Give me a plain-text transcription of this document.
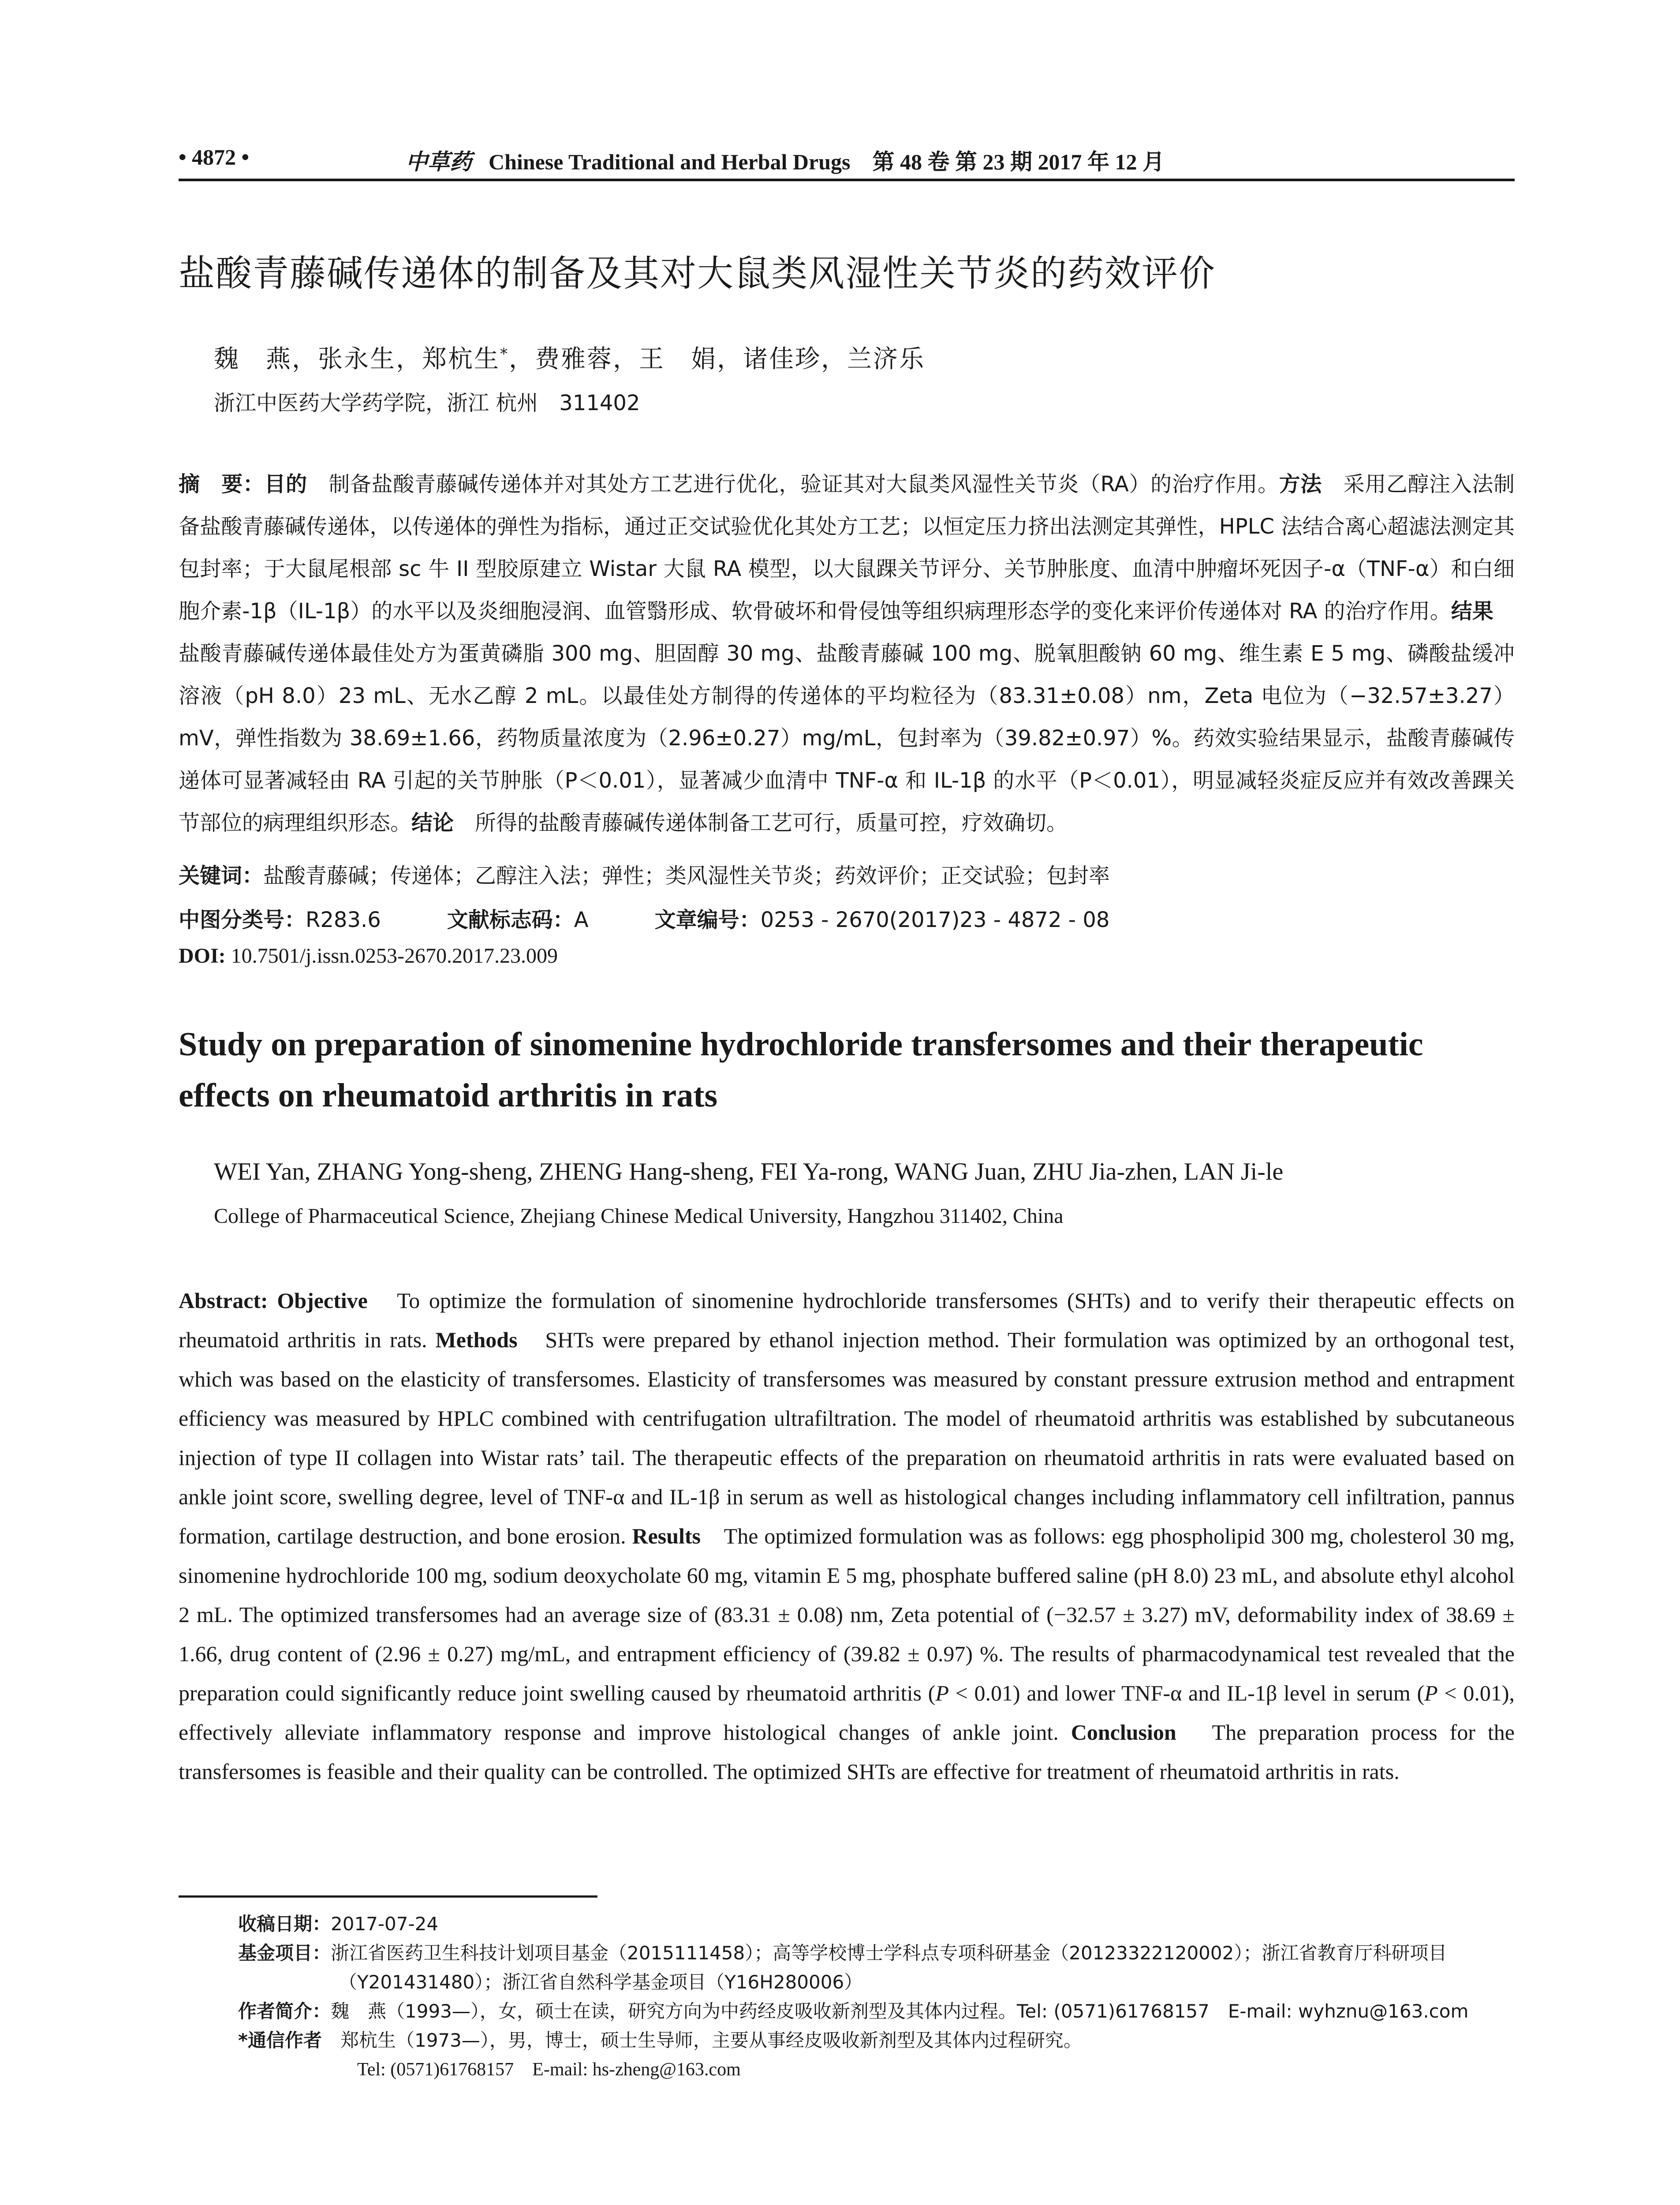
• 4872 •	中草药 Chinese Traditional and Herbal Drugs　第 48 卷 第 23 期 2017 年 12 月
盐酸青藤碱传递体的制备及其对大鼠类风湿性关节炎的药效评价
魏　燕，张永生，郑杭生*，费雅蓉，王　娟，诸佳珍，兰济乐
浙江中医药大学药学院，浙江 杭州　311402
摘　要：目的　制备盐酸青藤碱传递体并对其处方工艺进行优化，验证其对大鼠类风湿性关节炎（RA）的治疗作用。方法　采用乙醇注入法制备盐酸青藤碱传递体，以传递体的弹性为指标，通过正交试验优化其处方工艺；以恒定压力挤出法测定其弹性，HPLC 法结合离心超滤法测定其包封率；于大鼠尾根部 sc 牛 II 型胶原建立 Wistar 大鼠 RA 模型，以大鼠踝关节评分、关节肿胀度、血清中肿瘤坏死因子-α（TNF-α）和白细胞介素-1β（IL-1β）的水平以及炎细胞浸润、血管翳形成、软骨破坏和骨侵蚀等组织病理形态学的变化来评价传递体对 RA 的治疗作用。结果　盐酸青藤碱传递体最佳处方为蛋黄磷脂 300 mg、胆固醇 30 mg、盐酸青藤碱 100 mg、脱氧胆酸钠 60 mg、维生素 E 5 mg、磷酸盐缓冲溶液（pH 8.0）23 mL、无水乙醇 2 mL。以最佳处方制得的传递体的平均粒径为（83.31±0.08）nm，Zeta 电位为（−32.57±3.27）mV，弹性指数为 38.69±1.66，药物质量浓度为（2.96±0.27）mg/mL，包封率为（39.82±0.97）%。药效实验结果显示，盐酸青藤碱传递体可显著减轻由 RA 引起的关节肿胀（P＜0.01），显著减少血清中 TNF-α 和 IL-1β 的水平（P＜0.01），明显减轻炎症反应并有效改善踝关节部位的病理组织形态。结论　所得的盐酸青藤碱传递体制备工艺可行，质量可控，疗效确切。
关键词：盐酸青藤碱；传递体；乙醇注入法；弹性；类风湿性关节炎；药效评价；正交试验；包封率
中图分类号：R283.6	文献标志码：A	文章编号：0253 - 2670(2017)23 - 4872 - 08
DOI: 10.7501/j.issn.0253-2670.2017.23.009
Study on preparation of sinomenine hydrochloride transfersomes and their therapeutic effects on rheumatoid arthritis in rats
WEI Yan, ZHANG Yong-sheng, ZHENG Hang-sheng, FEI Ya-rong, WANG Juan, ZHU Jia-zhen, LAN Ji-le
College of Pharmaceutical Science, Zhejiang Chinese Medical University, Hangzhou 311402, China
Abstract: Objective　To optimize the formulation of sinomenine hydrochloride transfersomes (SHTs) and to verify their therapeutic effects on rheumatoid arthritis in rats. Methods　SHTs were prepared by ethanol injection method. Their formulation was optimized by an orthogonal test, which was based on the elasticity of transfersomes. Elasticity of transfersomes was measured by constant pressure extrusion method and entrapment efficiency was measured by HPLC combined with centrifugation ultrafiltration. The model of rheumatoid arthritis was established by subcutaneous injection of type II collagen into Wistar rats’ tail. The therapeutic effects of the preparation on rheumatoid arthritis in rats were evaluated based on ankle joint score, swelling degree, level of TNF-α and IL-1β in serum as well as histological changes including inflammatory cell infiltration, pannus formation, cartilage destruction, and bone erosion. Results　The optimized formulation was as follows: egg phospholipid 300 mg, cholesterol 30 mg, sinomenine hydrochloride 100 mg, sodium deoxycholate 60 mg, vitamin E 5 mg, phosphate buffered saline (pH 8.0) 23 mL, and absolute ethyl alcohol 2 mL. The optimized transfersomes had an average size of (83.31 ± 0.08) nm, Zeta potential of (−32.57 ± 3.27) mV, deformability index of 38.69 ± 1.66, drug content of (2.96 ± 0.27) mg/mL, and entrapment efficiency of (39.82 ± 0.97) %. The results of pharmacodynamical test revealed that the preparation could significantly reduce joint swelling caused by rheumatoid arthritis (P < 0.01) and lower TNF-α and IL-1β level in serum (P < 0.01), effectively alleviate inflammatory response and improve histological changes of ankle joint. Conclusion　The preparation process for the transfersomes is feasible and their quality can be controlled. The optimized SHTs are effective for treatment of rheumatoid arthritis in rats.
收稿日期：2017-07-24
基金项目：浙江省医药卫生科技计划项目基金（2015111458）；高等学校博士学科点专项科研基金（20123322120002）；浙江省教育厅科研项目
（Y201431480）；浙江省自然科学基金项目（Y16H280006）
作者简介：魏　燕（1993—），女，硕士在读，研究方向为中药经皮吸收新剂型及其体内过程。Tel: (0571)61768157　E-mail: wyhznu@163.com
*通信作者　郑杭生（1973—），男，博士，硕士生导师，主要从事经皮吸收新剂型及其体内过程研究。
Tel: (0571)61768157　E-mail: hs-zheng@163.com
